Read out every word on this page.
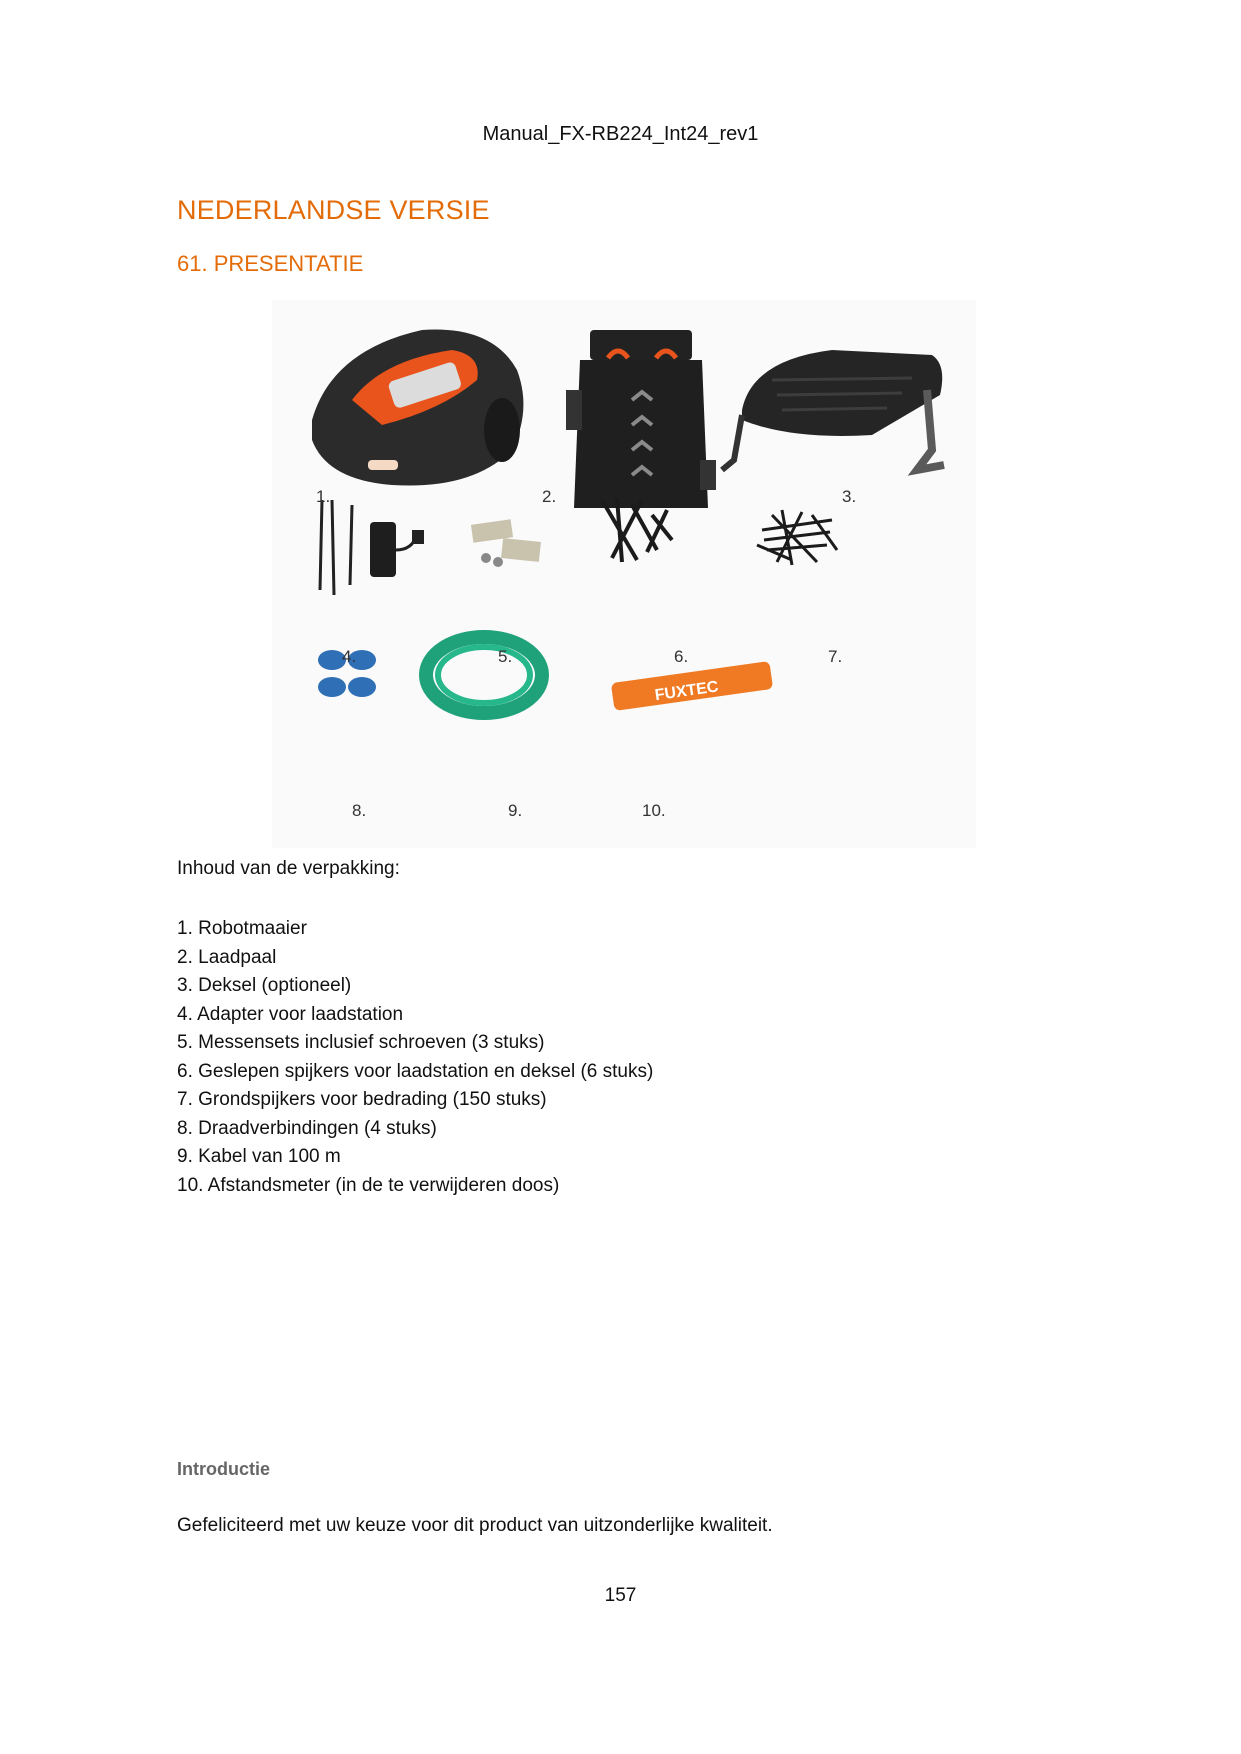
Manual_FX-RB224_Int24_rev1
NEDERLANDSE VERSIE
61. PRESENTATIE
FUXTEC
1.	2.	3.
4.	5.	6.	7.
8.	9.	10.
Inhoud van de verpakking:
1. Robotmaaier
2. Laadpaal
3. Deksel (optioneel)
4. Adapter voor laadstation
5. Messensets inclusief schroeven (3 stuks)
6. Geslepen spijkers voor laadstation en deksel (6 stuks)
7. Grondspijkers voor bedrading (150 stuks)
8. Draadverbindingen (4 stuks)
9. Kabel van 100 m
10. Afstandsmeter (in de te verwijderen doos)
Introductie
Gefeliciteerd met uw keuze voor dit product van uitzonderlijke kwaliteit.
157
